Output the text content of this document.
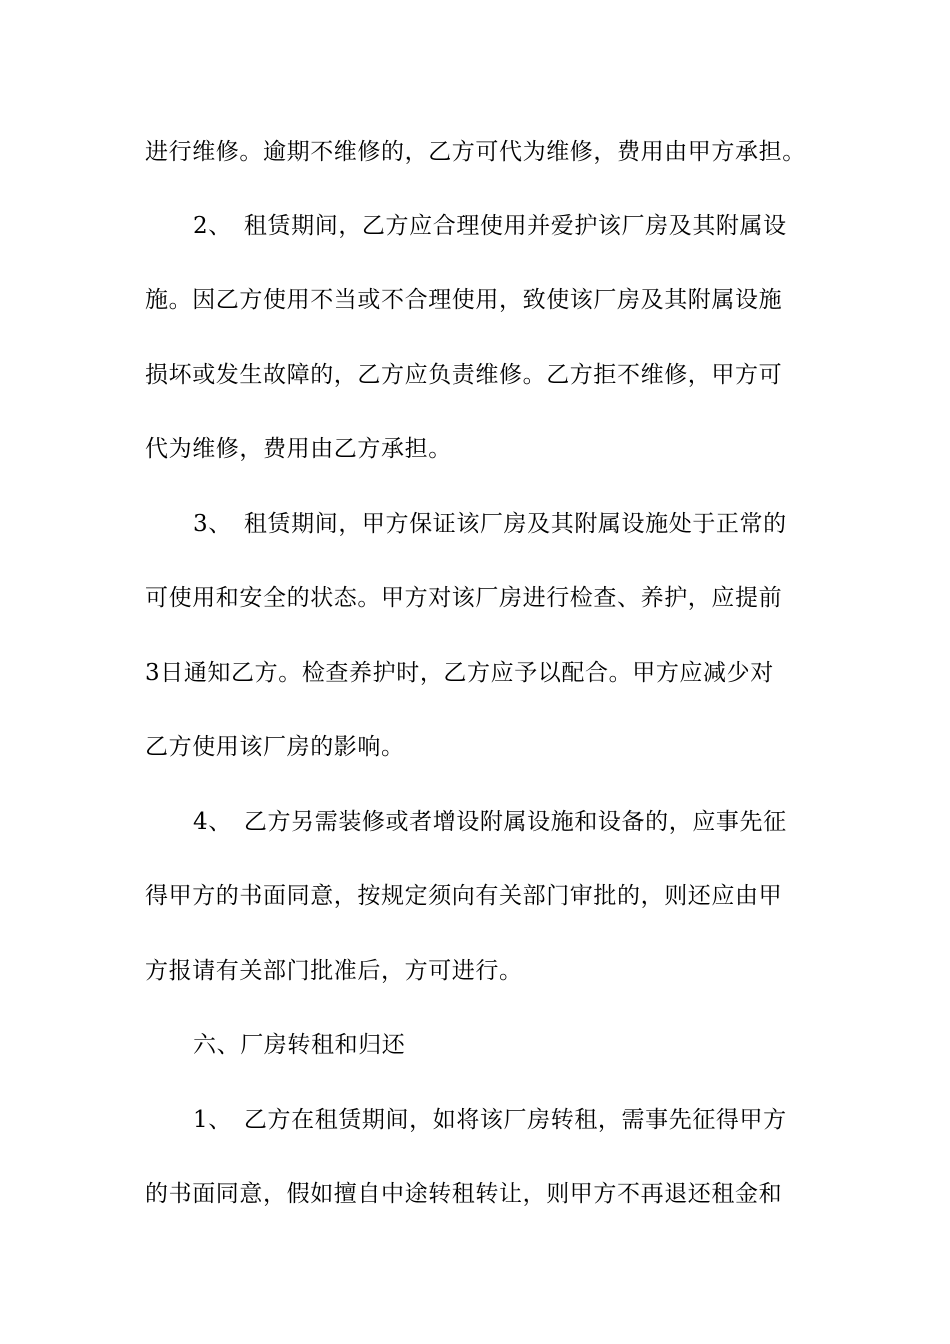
进行维修。逾期不维修的，乙方可代为维修，费用由甲方承担。
2、　租赁期间，乙方应合理使用并爱护该厂房及其附属设
施。因乙方使用不当或不合理使用，致使该厂房及其附属设施
损坏或发生故障的，乙方应负责维修。乙方拒不维修，甲方可
代为维修，费用由乙方承担。
3、　租赁期间，甲方保证该厂房及其附属设施处于正常的
可使用和安全的状态。甲方对该厂房进行检查、养护，应提前
3日通知乙方。检查养护时，乙方应予以配合。甲方应减少对
乙方使用该厂房的影响。
4、　乙方另需装修或者增设附属设施和设备的，应事先征
得甲方的书面同意，按规定须向有关部门审批的，则还应由甲
方报请有关部门批准后，方可进行。
六、厂房转租和归还
1、　乙方在租赁期间，如将该厂房转租，需事先征得甲方
的书面同意，假如擅自中途转租转让，则甲方不再退还租金和
